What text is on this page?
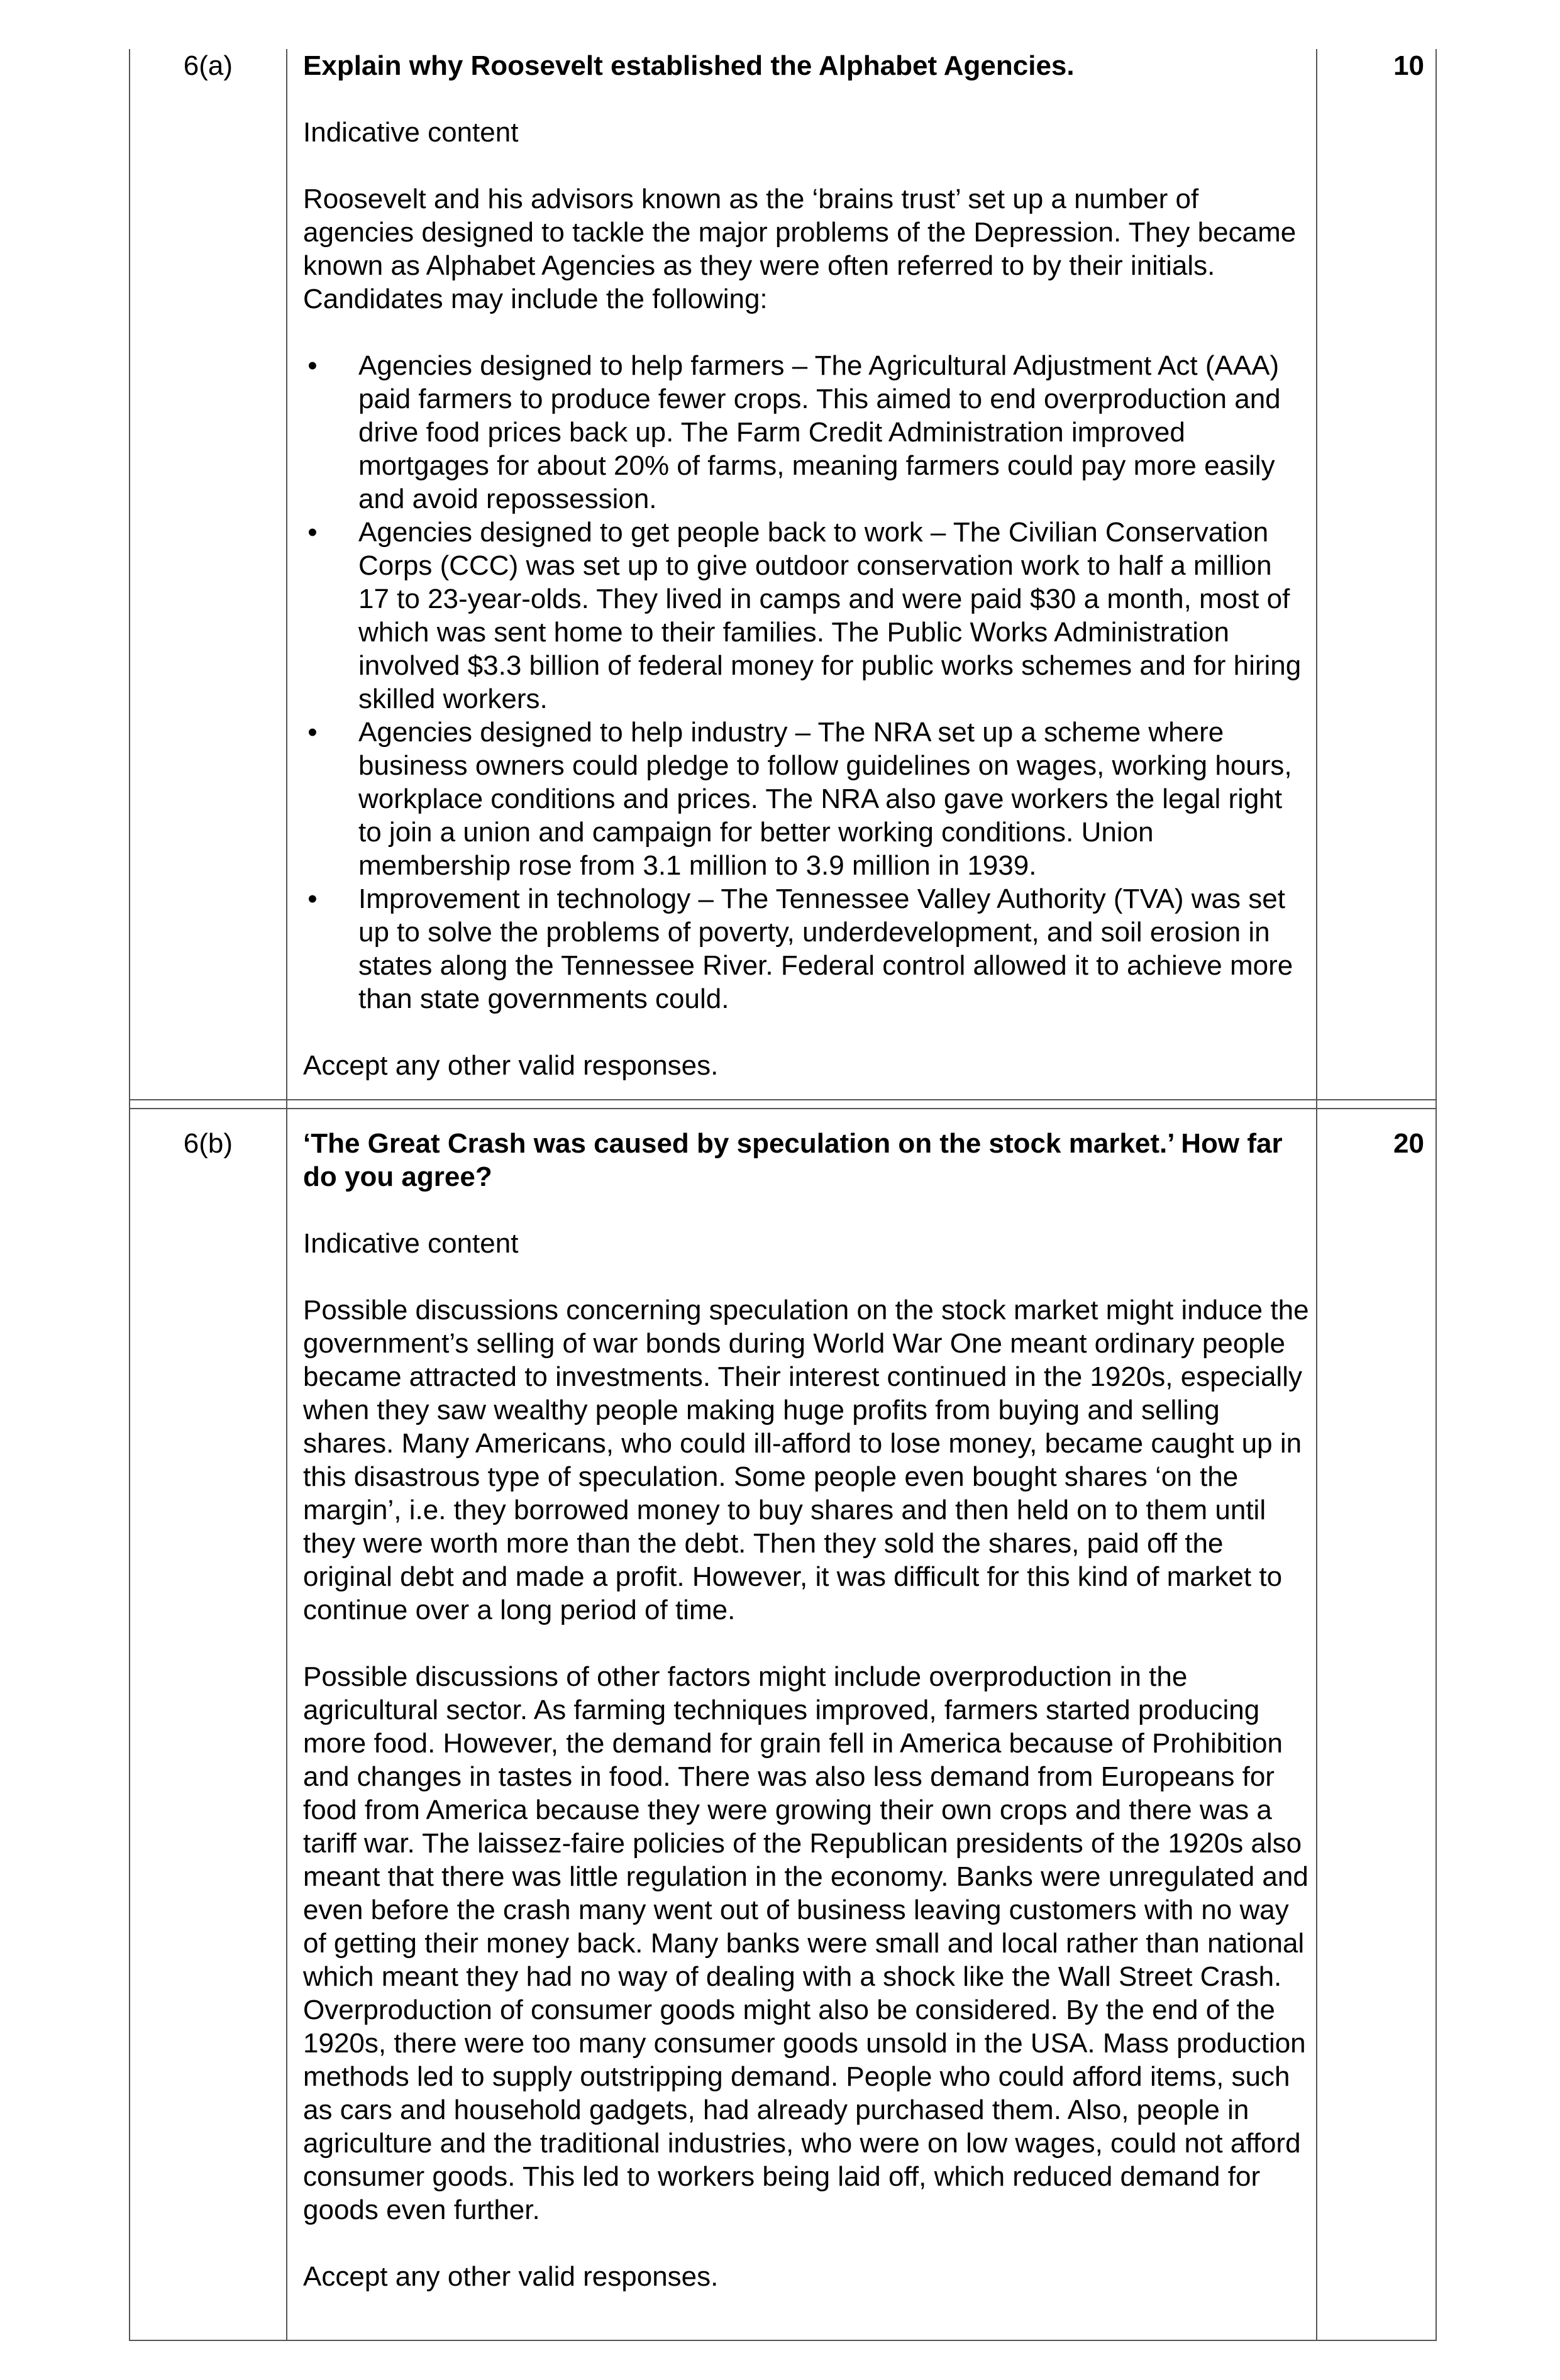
6(a)	10

Explain why Roosevelt established the Alphabet Agencies.

Indicative content

Roosevelt and his advisors known as the ‘brains trust’ set up a number of agencies designed to tackle the major problems of the Depression. They became known as Alphabet Agencies as they were often referred to by their initials. Candidates may include the following:

• Agencies designed to help farmers – The Agricultural Adjustment Act (AAA) paid farmers to produce fewer crops. This aimed to end overproduction and drive food prices back up. The Farm Credit Administration improved mortgages for about 20% of farms, meaning farmers could pay more easily and avoid repossession.
• Agencies designed to get people back to work – The Civilian Conservation Corps (CCC) was set up to give outdoor conservation work to half a million 17 to 23-year-olds. They lived in camps and were paid $30 a month, most of which was sent home to their families. The Public Works Administration involved $3.3 billion of federal money for public works schemes and for hiring skilled workers.
• Agencies designed to help industry – The NRA set up a scheme where business owners could pledge to follow guidelines on wages, working hours, workplace conditions and prices. The NRA also gave workers the legal right to join a union and campaign for better working conditions. Union membership rose from 3.1 million to 3.9 million in 1939.
• Improvement in technology – The Tennessee Valley Authority (TVA) was set up to solve the problems of poverty, underdevelopment, and soil erosion in states along the Tennessee River. Federal control allowed it to achieve more than state governments could.

Accept any other valid responses.

6(b)	20

‘The Great Crash was caused by speculation on the stock market.’ How far do you agree?

Indicative content

Possible discussions concerning speculation on the stock market might induce the government’s selling of war bonds during World War One meant ordinary people became attracted to investments. Their interest continued in the 1920s, especially when they saw wealthy people making huge profits from buying and selling shares. Many Americans, who could ill-afford to lose money, became caught up in this disastrous type of speculation. Some people even bought shares ‘on the margin’, i.e. they borrowed money to buy shares and then held on to them until they were worth more than the debt. Then they sold the shares, paid off the original debt and made a profit. However, it was difficult for this kind of market to continue over a long period of time.

Possible discussions of other factors might include overproduction in the agricultural sector. As farming techniques improved, farmers started producing more food. However, the demand for grain fell in America because of Prohibition and changes in tastes in food. There was also less demand from Europeans for food from America because they were growing their own crops and there was a tariff war. The laissez-faire policies of the Republican presidents of the 1920s also meant that there was little regulation in the economy. Banks were unregulated and even before the crash many went out of business leaving customers with no way of getting their money back. Many banks were small and local rather than national which meant they had no way of dealing with a shock like the Wall Street Crash. Overproduction of consumer goods might also be considered. By the end of the 1920s, there were too many consumer goods unsold in the USA. Mass production methods led to supply outstripping demand. People who could afford items, such as cars and household gadgets, had already purchased them. Also, people in agriculture and the traditional industries, who were on low wages, could not afford consumer goods. This led to workers being laid off, which reduced demand for goods even further.

Accept any other valid responses.
